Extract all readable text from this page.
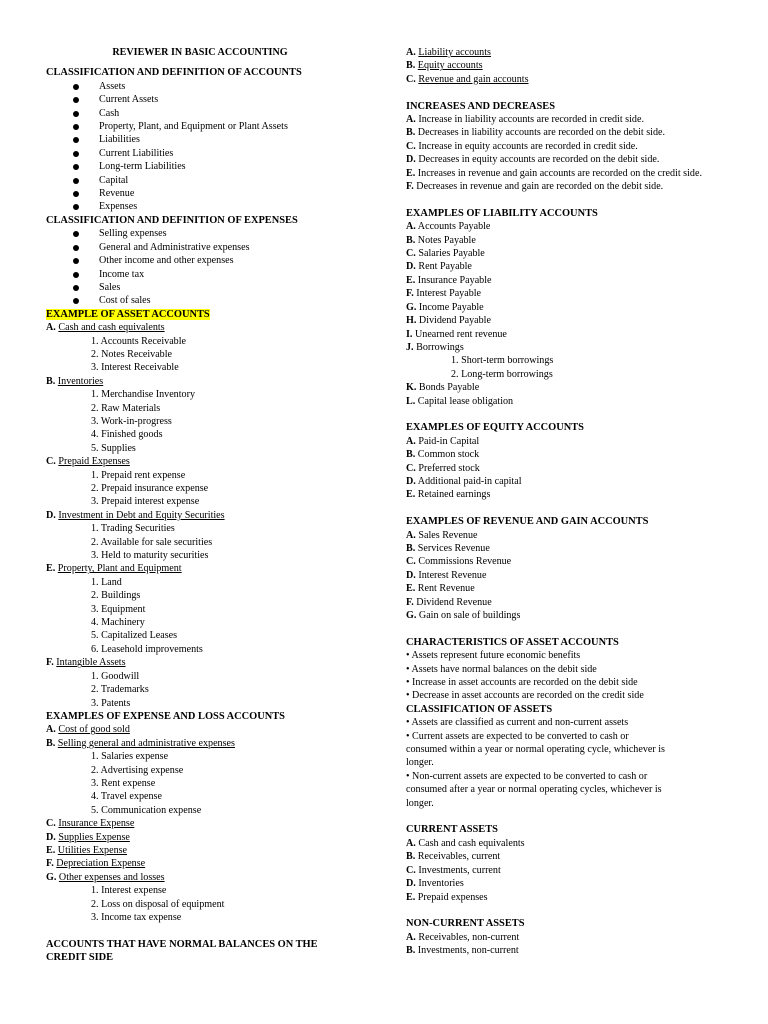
REVIEWER IN BASIC ACCOUNTING
CLASSIFICATION AND DEFINITION OF ACCOUNTS
Assets
Current Assets
Cash
Property, Plant, and Equipment or Plant Assets
Liabilities
Current Liabilities
Long-term Liabilities
Capital
Revenue
Expenses
CLASSIFICATION AND DEFINITION OF EXPENSES
Selling expenses
General and Administrative expenses
Other income and other expenses
Income tax
Sales
Cost of sales
EXAMPLE OF ASSET ACCOUNTS
A. Cash and cash equivalents
1. Accounts Receivable
2. Notes Receivable
3. Interest Receivable
B. Inventories
1. Merchandise Inventory
2. Raw Materials
3. Work-in-progress
4. Finished goods
5. Supplies
C. Prepaid Expenses
1. Prepaid rent expense
2. Prepaid insurance expense
3. Prepaid interest expense
D. Investment in Debt and Equity Securities
1. Trading Securities
2. Available for sale securities
3. Held to maturity securities
E. Property, Plant and Equipment
1. Land
2. Buildings
3. Equipment
4. Machinery
5. Capitalized Leases
6. Leasehold improvements
F. Intangible Assets
1. Goodwill
2. Trademarks
3. Patents
EXAMPLES OF EXPENSE AND LOSS ACCOUNTS
A. Cost of good sold
B. Selling general and administrative expenses
1. Salaries expense
2. Advertising expense
3. Rent expense
4. Travel expense
5. Communication expense
C. Insurance Expense
D. Supplies Expense
E. Utilities Expense
F. Depreciation Expense
G. Other expenses and losses
1. Interest expense
2. Loss on disposal of equipment
3. Income tax expense
ACCOUNTS THAT HAVE NORMAL BALANCES ON THE CREDIT SIDE
A. Liability accounts
B. Equity accounts
C. Revenue and gain accounts
INCREASES AND DECREASES
A. Increase in liability accounts are recorded in credit side.
B. Decreases in liability accounts are recorded on the debit side.
C. Increase in equity accounts are recorded in credit side.
D. Decreases in equity accounts are recorded on the debit side.
E. Increases in revenue and gain accounts are recorded on the credit side.
F. Decreases in revenue and gain are recorded on the debit side.
EXAMPLES OF LIABILITY ACCOUNTS
A. Accounts Payable
B. Notes Payable
C. Salaries Payable
D. Rent Payable
E. Insurance Payable
F. Interest Payable
G. Income Payable
H. Dividend Payable
I. Unearned rent revenue
J. Borrowings
1. Short-term borrowings
2. Long-term borrowings
K. Bonds Payable
L. Capital lease obligation
EXAMPLES OF EQUITY ACCOUNTS
A. Paid-in Capital
B. Common stock
C. Preferred stock
D. Additional paid-in capital
E. Retained earnings
EXAMPLES OF REVENUE AND GAIN ACCOUNTS
A. Sales Revenue
B. Services Revenue
C. Commissions Revenue
D. Interest Revenue
E. Rent Revenue
F. Dividend Revenue
G. Gain on sale of buildings
CHARACTERISTICS OF ASSET ACCOUNTS
• Assets represent future economic benefits
• Assets have normal balances on the debit side
• Increase in asset accounts are recorded on the debit side
• Decrease in asset accounts are recorded on the credit side
CLASSIFICATION OF ASSETS
• Assets are classified as current and non-current assets
• Current assets are expected to be converted to cash or consumed within a year or normal operating cycle, whichever is longer.
• Non-current assets are expected to be converted to cash or consumed after a year or normal operating cycles, whichever is longer.
CURRENT ASSETS
A. Cash and cash equivalents
B. Receivables, current
C. Investments, current
D. Inventories
E. Prepaid expenses
NON-CURRENT ASSETS
A. Receivables, non-current
B. Investments, non-current
